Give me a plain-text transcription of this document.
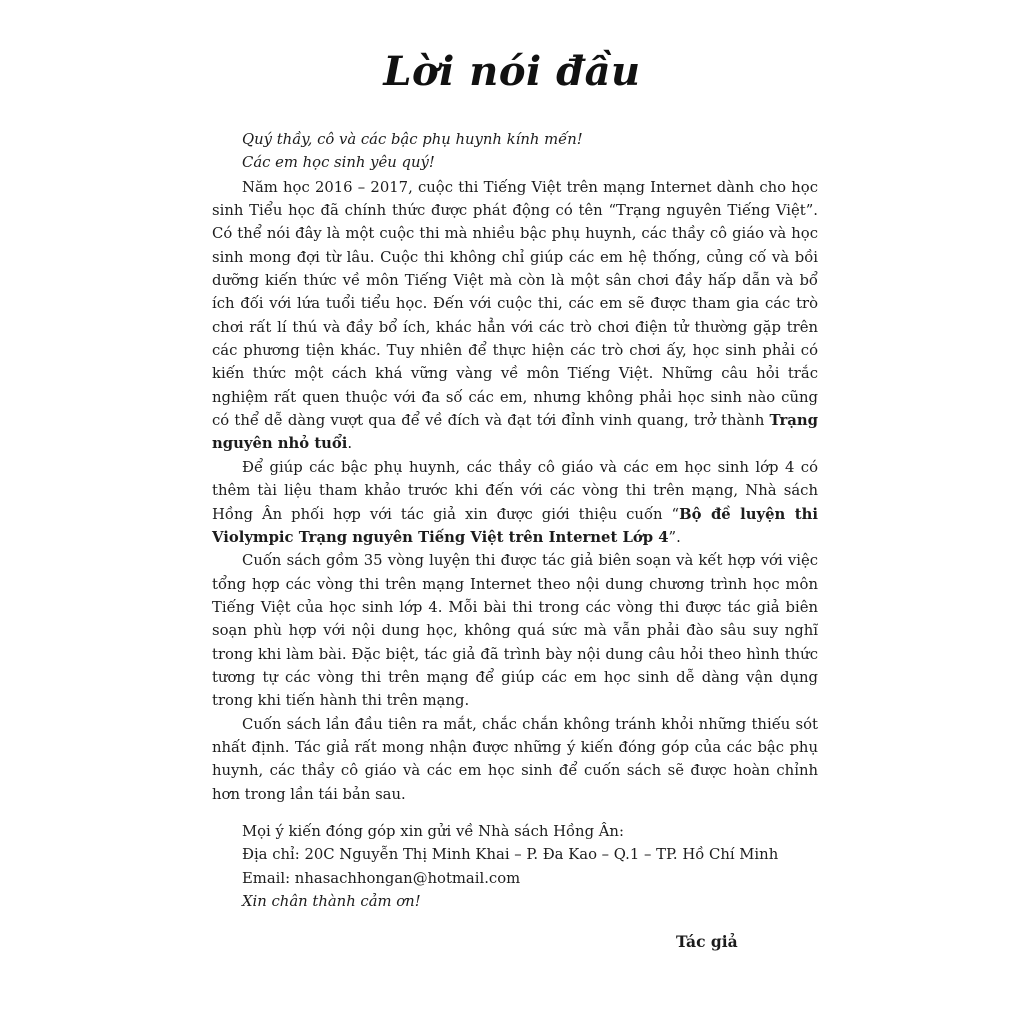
Lời nói đầu

Quý thầy, cô và các bậc phụ huynh kính mến!

Các em học sinh yêu quý!

Năm học 2016 – 2017, cuộc thi Tiếng Việt trên mạng Internet dành cho học sinh Tiểu học đã chính thức được phát động có tên “Trạng nguyên Tiếng Việt”. Có thể nói đây là một cuộc thi mà nhiều bậc phụ huynh, các thầy cô giáo và học sinh mong đợi từ lâu. Cuộc thi không chỉ giúp các em hệ thống, củng cố và bồi dưỡng kiến thức về môn Tiếng Việt mà còn là một sân chơi đầy hấp dẫn và bổ ích đối với lứa tuổi tiểu học. Đến với cuộc thi, các em sẽ được tham gia các trò chơi rất lí thú và đầy bổ ích, khác hẳn với các trò chơi điện tử thường gặp trên các phương tiện khác. Tuy nhiên để thực hiện các trò chơi ấy, học sinh phải có kiến thức một cách khá vững vàng về môn Tiếng Việt. Những câu hỏi trắc nghiệm rất quen thuộc với đa số các em, nhưng không phải học sinh nào cũng có thể dễ dàng vượt qua để về đích và đạt tới đỉnh vinh quang, trở thành Trạng nguyên nhỏ tuổi.

Để giúp các bậc phụ huynh, các thầy cô giáo và các em học sinh lớp 4 có thêm tài liệu tham khảo trước khi đến với các vòng thi trên mạng, Nhà sách Hồng Ân phối hợp với tác giả xin được giới thiệu cuốn “Bộ đề luyện thi Violympic Trạng nguyên Tiếng Việt trên Internet Lớp 4”.

Cuốn sách gồm 35 vòng luyện thi được tác giả biên soạn và kết hợp với việc tổng hợp các vòng thi trên mạng Internet theo nội dung chương trình học môn Tiếng Việt của học sinh lớp 4. Mỗi bài thi trong các vòng thi được tác giả biên soạn phù hợp với nội dung học, không quá sức mà vẫn phải đào sâu suy nghĩ trong khi làm bài. Đặc biệt, tác giả đã trình bày nội dung câu hỏi theo hình thức tương tự các vòng thi trên mạng để giúp các em học sinh dễ dàng vận dụng trong khi tiến hành thi trên mạng.

Cuốn sách lần đầu tiên ra mắt, chắc chắn không tránh khỏi những thiếu sót nhất định. Tác giả rất mong nhận được những ý kiến đóng góp của các bậc phụ huynh, các thầy cô giáo và các em học sinh để cuốn sách sẽ được hoàn chỉnh hơn trong lần tái bản sau.

Mọi ý kiến đóng góp xin gửi về Nhà sách Hồng Ân:

Địa chỉ: 20C Nguyễn Thị Minh Khai – P. Đa Kao – Q.1 – TP. Hồ Chí Minh

Email: nhasachhongan@hotmail.com

Xin chân thành cảm ơn!

Tác giả
